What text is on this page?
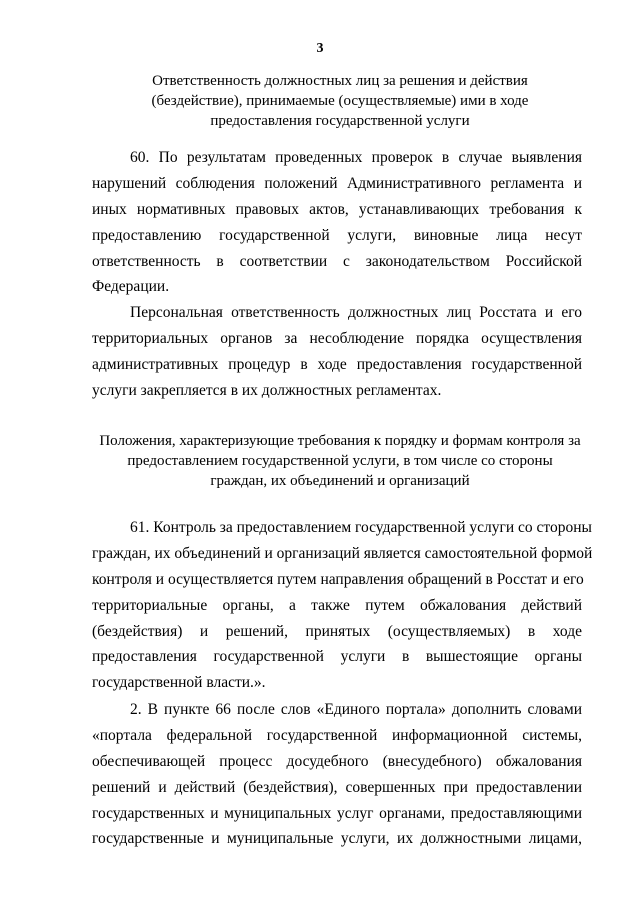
3
Ответственность должностных лиц за решения и действия
(бездействие), принимаемые (осуществляемые) ими в ходе
предоставления государственной услуги
60. По результатам проведенных проверок в случае выявления
нарушений соблюдения положений Административного регламента и
иных нормативных правовых актов, устанавливающих требования к
предоставлению государственной услуги, виновные лица несут
ответственность в соответствии с законодательством Российской
Федерации.
Персональная ответственность должностных лиц Росстата и его
территориальных органов за несоблюдение порядка осуществления
административных процедур в ходе предоставления государственной
услуги закрепляется в их должностных регламентах.
Положения, характеризующие требования к порядку и формам контроля за
предоставлением государственной услуги, в том числе со стороны
граждан, их объединений и организаций
61. Контроль за предоставлением государственной услуги со стороны
граждан, их объединений и организаций является самостоятельной формой
контроля и осуществляется путем направления обращений в Росстат и его
территориальные органы, а также путем обжалования действий
(бездействия) и решений, принятых (осуществляемых) в ходе
предоставления государственной услуги в вышестоящие органы
государственной власти.».
2. В пункте 66 после слов «Единого портала» дополнить словами
«портала федеральной государственной информационной системы,
обеспечивающей процесс досудебного (внесудебного) обжалования
решений и действий (бездействия), совершенных при предоставлении
государственных и муниципальных услуг органами, предоставляющими
государственные и муниципальные услуги, их должностными лицами,
